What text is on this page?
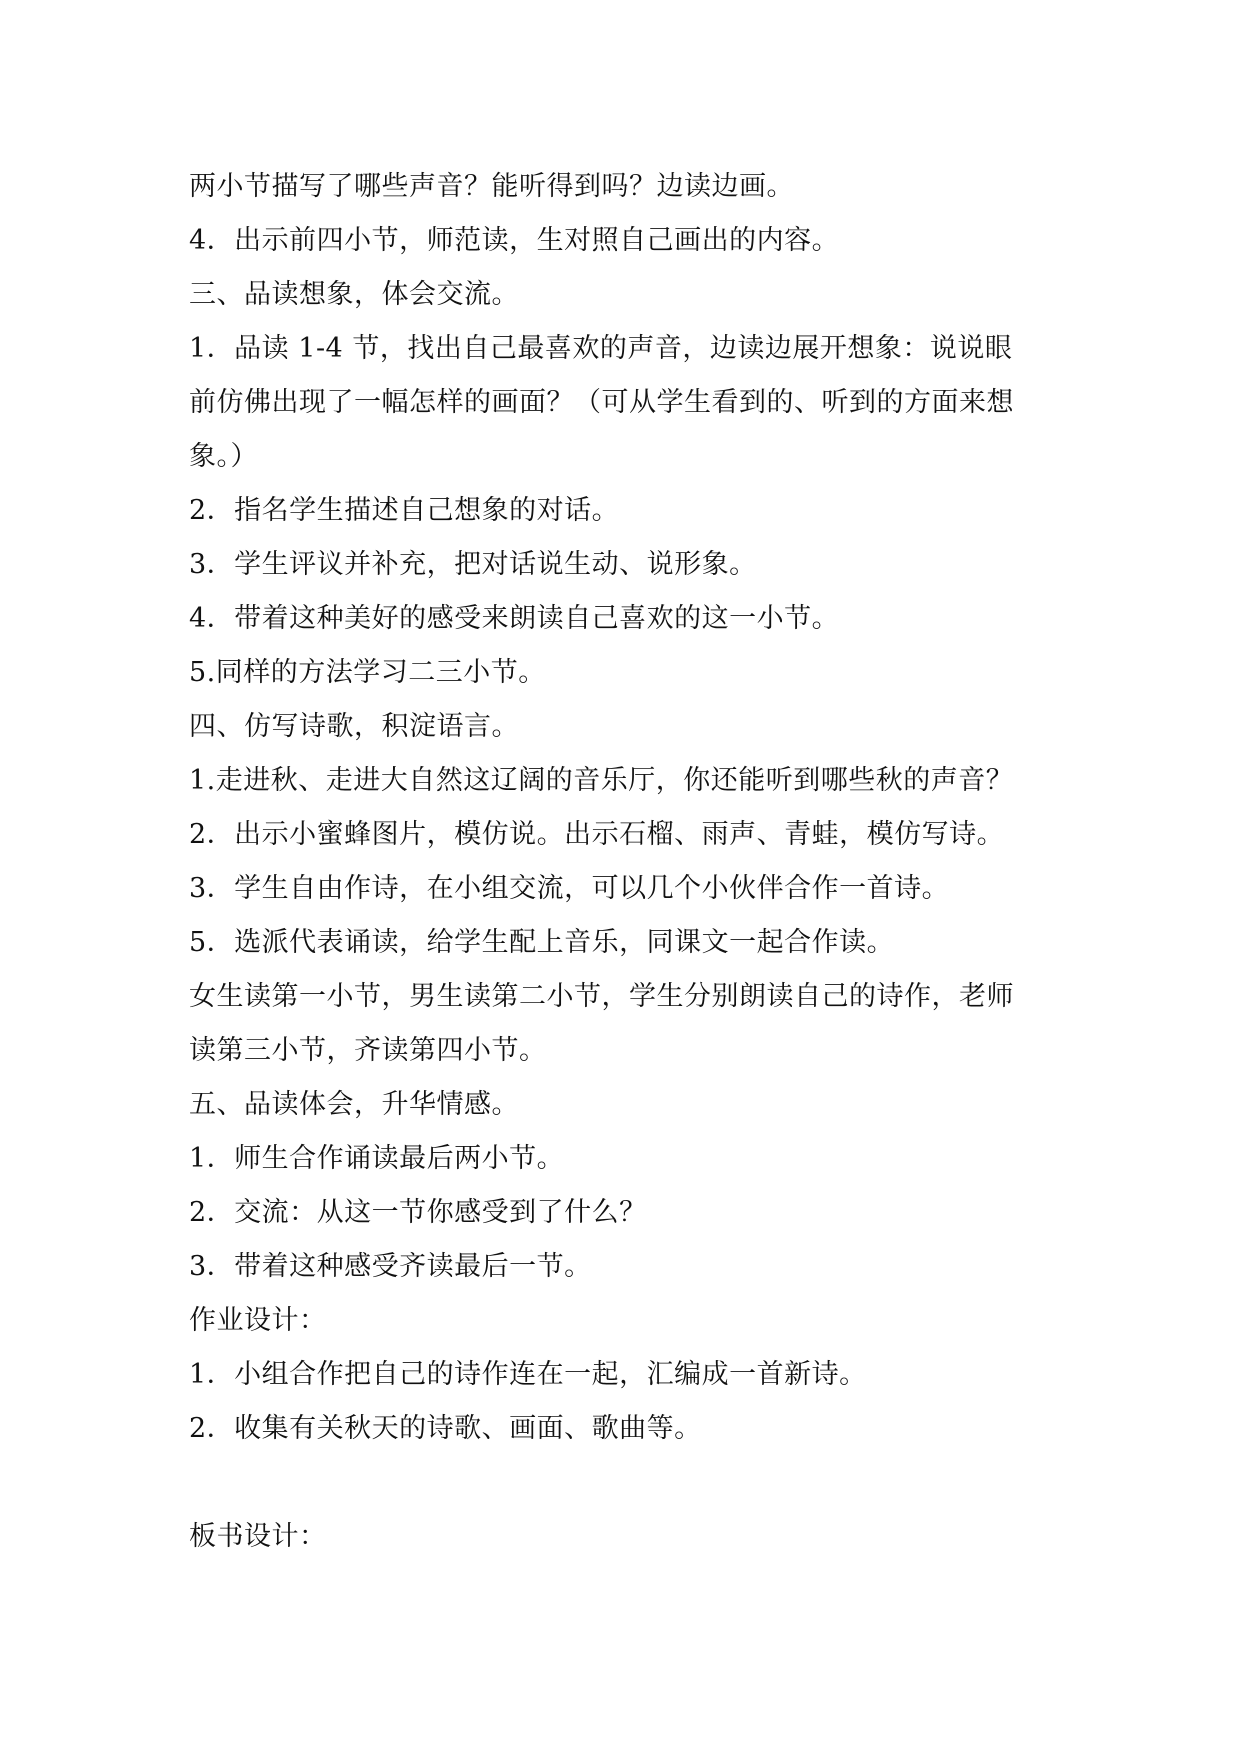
两小节描写了哪些声音？能听得到吗？边读边画。
4．出示前四小节，师范读，生对照自己画出的内容。
三、品读想象，体会交流。
1．品读 1-4 节，找出自己最喜欢的声音，边读边展开想象：说说眼
前仿佛出现了一幅怎样的画面？（可从学生看到的、听到的方面来想
象。）
2．指名学生描述自己想象的对话。
3．学生评议并补充，把对话说生动、说形象。
4．带着这种美好的感受来朗读自己喜欢的这一小节。
5.同样的方法学习二三小节。
四、仿写诗歌，积淀语言。
1.走进秋、走进大自然这辽阔的音乐厅，你还能听到哪些秋的声音？
2．出示小蜜蜂图片，模仿说。出示石榴、雨声、青蛙，模仿写诗。
3．学生自由作诗，在小组交流，可以几个小伙伴合作一首诗。
5．选派代表诵读，给学生配上音乐，同课文一起合作读。
女生读第一小节，男生读第二小节，学生分别朗读自己的诗作，老师
读第三小节，齐读第四小节。
五、品读体会，升华情感。
1．师生合作诵读最后两小节。
2．交流：从这一节你感受到了什么？
3．带着这种感受齐读最后一节。
作业设计：
1．小组合作把自己的诗作连在一起，汇编成一首新诗。
2．收集有关秋天的诗歌、画面、歌曲等。
板书设计：
